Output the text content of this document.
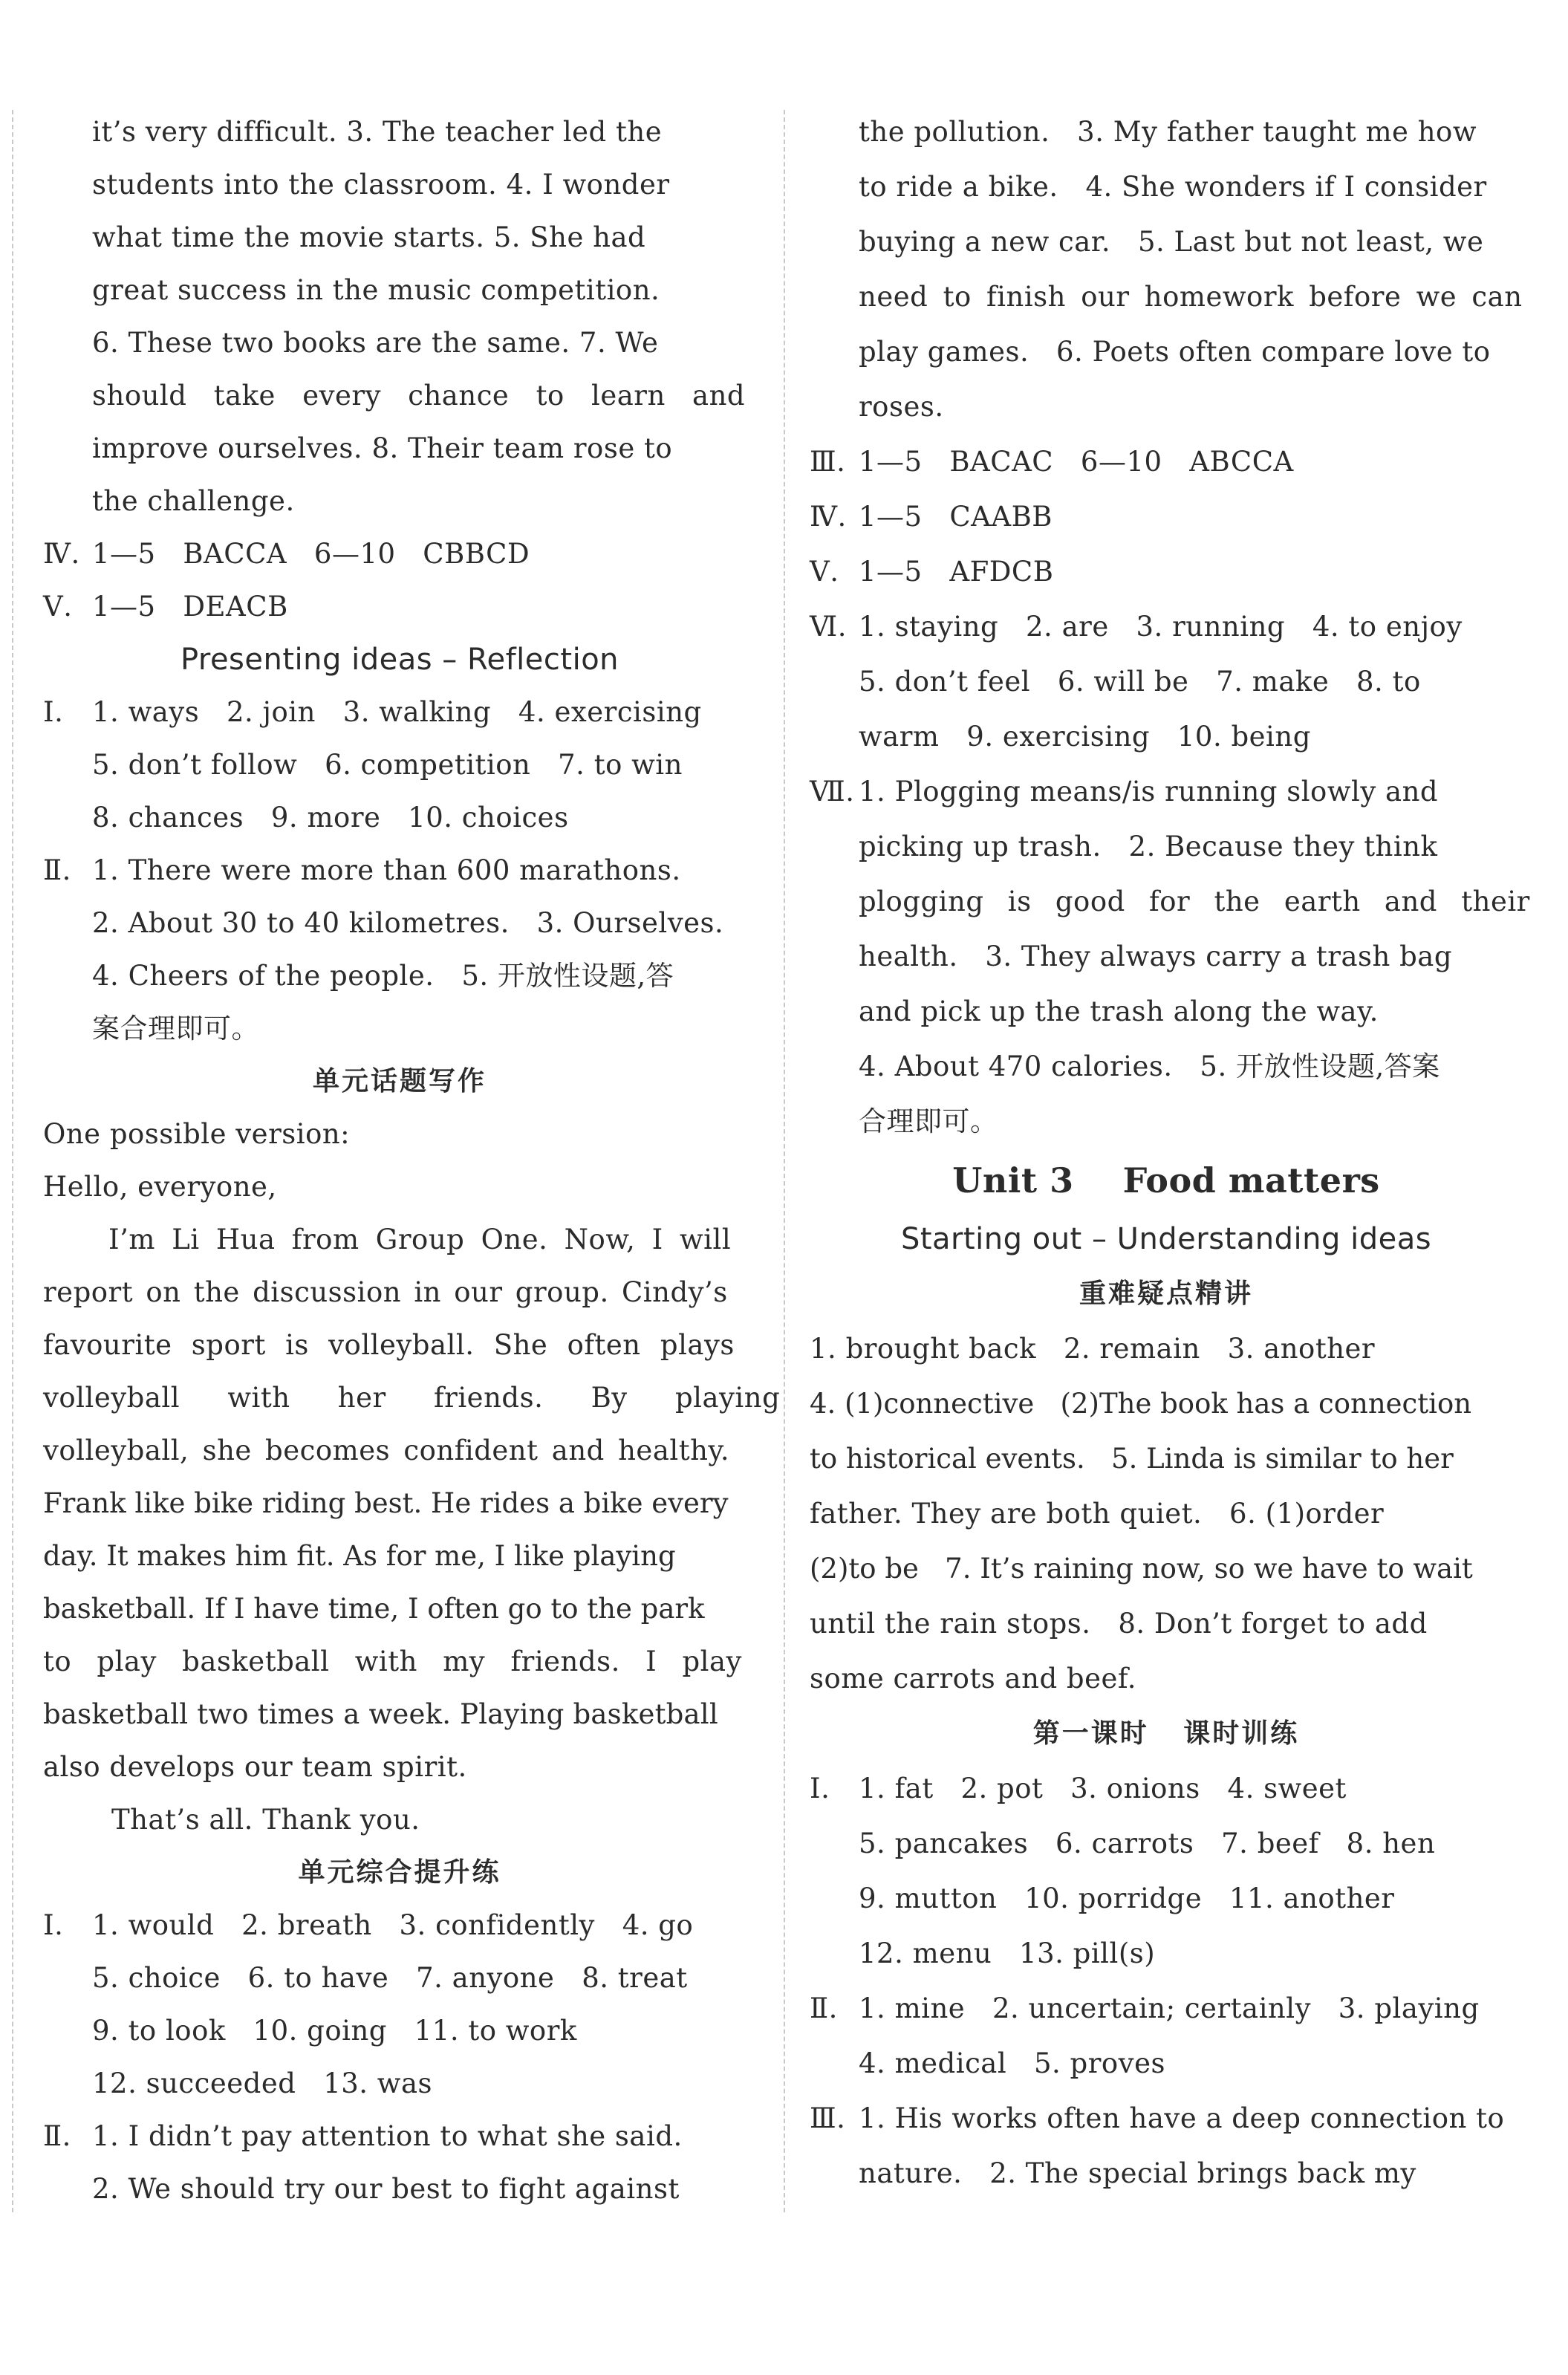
it’s very difficult. 3. The teacher led the
students into the classroom. 4. I wonder
what time the movie starts. 5. She had
great success in the music competition.
6. These two books are the same. 7. We
should take every chance to learn and
improve ourselves. 8. Their team rose to
the challenge.
Ⅳ. 1—5   BACCA   6—10   CBBCD
Ⅴ. 1—5   DEACB
Presenting ideas – Reflection
Ⅰ. 1. ways   2. join   3. walking   4. exercising
5. don’t follow   6. competition   7. to win
8. chances   9. more   10. choices
Ⅱ. 1. There were more than 600 marathons.
2. About 30 to 40 kilometres.   3. Ourselves.
4. Cheers of the people.   5. 开放性设题,答
案合理即可。
单元话题写作
One possible version:
Hello, everyone,
I’m Li Hua from Group One. Now, I will
report on the discussion in our group. Cindy’s
favourite sport is volleyball. She often plays
volleyball with her friends. By playing
volleyball, she becomes confident and healthy.
Frank like bike riding best. He rides a bike every
day. It makes him fit. As for me, I like playing
basketball. If I have time, I often go to the park
to play basketball with my friends. I play
basketball two times a week. Playing basketball
also develops our team spirit.
That’s all. Thank you.
单元综合提升练
Ⅰ. 1. would   2. breath   3. confidently   4. go
5. choice   6. to have   7. anyone   8. treat
9. to look   10. going   11. to work
12. succeeded   13. was
Ⅱ. 1. I didn’t pay attention to what she said.
2. We should try our best to fight against
the pollution.   3. My father taught me how
to ride a bike.   4. She wonders if I consider
buying a new car.   5. Last but not least, we
need to finish our homework before we can
play games.   6. Poets often compare love to
roses.
Ⅲ. 1—5   BACAC   6—10   ABCCA
Ⅳ. 1—5   CAABB
Ⅴ. 1—5   AFDCB
Ⅵ. 1. staying   2. are   3. running   4. to enjoy
5. don’t feel   6. will be   7. make   8. to
warm   9. exercising   10. being
Ⅶ. 1. Plogging means/is running slowly and
picking up trash.   2. Because they think
plogging is good for the earth and their
health.   3. They always carry a trash bag
and pick up the trash along the way.
4. About 470 calories.   5. 开放性设题,答案
合理即可。
Unit 3    Food matters
Starting out – Understanding ideas
重难疑点精讲
1. brought back   2. remain   3. another
4. (1)connective   (2)The book has a connection
to historical events.   5. Linda is similar to her
father. They are both quiet.   6. (1)order
(2)to be   7. It’s raining now, so we have to wait
until the rain stops.   8. Don’t forget to add
some carrots and beef.
第一课时   课时训练
Ⅰ. 1. fat   2. pot   3. onions   4. sweet
5. pancakes   6. carrots   7. beef   8. hen
9. mutton   10. porridge   11. another
12. menu   13. pill(s)
Ⅱ. 1. mine   2. uncertain; certainly   3. playing
4. medical   5. proves
Ⅲ. 1. His works often have a deep connection to
nature.   2. The special brings back my
